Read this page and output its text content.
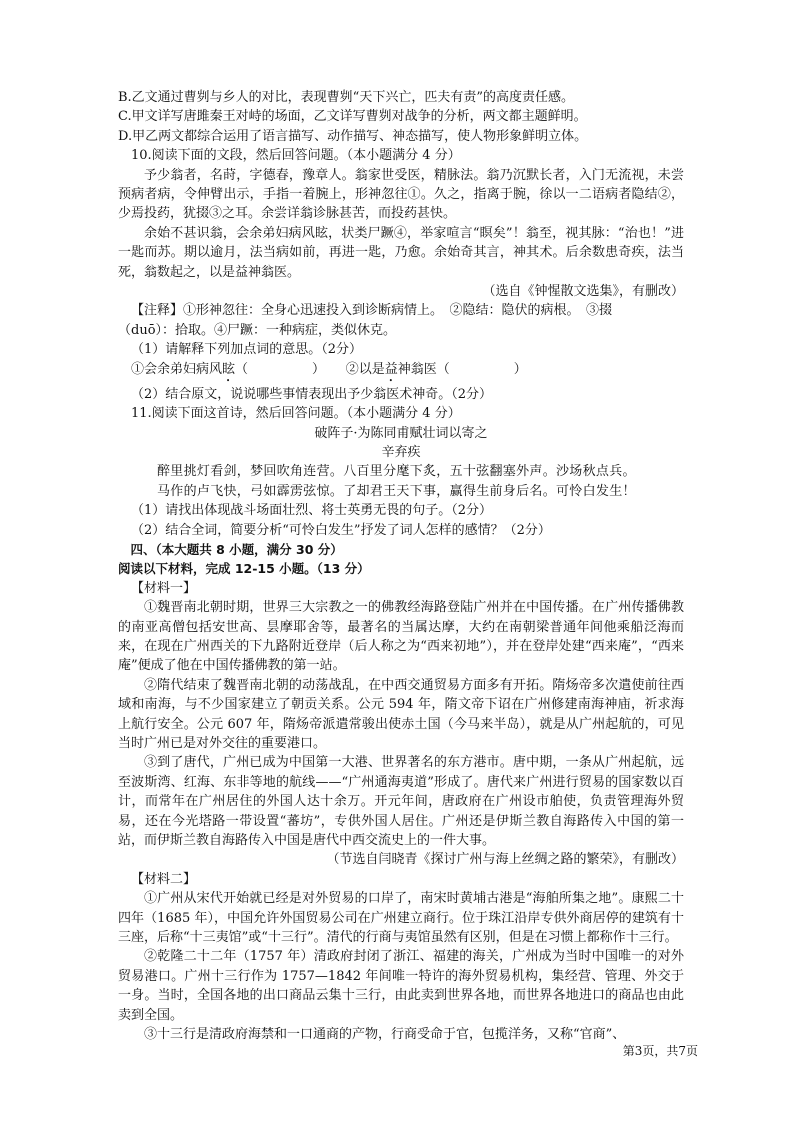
B.乙文通过曹刿与乡人的对比，表现曹刿“天下兴亡，匹夫有责”的高度责任感。

C.甲文详写唐雎秦王对峙的场面，乙文详写曹刿对战争的分析，两文都主题鲜明。

D.甲乙两文都综合运用了语言描写、动作描写、神态描写，使人物形象鲜明立体。

10.阅读下面的文段，然后回答问题。（本小题满分 4 分）

予少翁者，名莳，字德春，豫章人。翁家世受医，精脉法。翁乃沉默长者，入门无流视，未尝预病者病，令伸臂出示，手指一着腕上，形神忽往①。久之，指离于腕，徐以一二语病者隐结②，少焉投药，犹掇③之耳。余尝详翁诊脉甚苦，而投药甚快。

余始不甚识翁，会余弟妇病风眩，状类尸蹶④，举家喧言“瞑矣”！翁至，视其脉：“治也！”进一匙而苏。期以逾月，法当病如前，再进一匙，乃愈。余始奇其言，神其术。后余数患奇疾，法当死，翁数起之，以是益神翁医。

（选自《钟惺散文选集》，有删改）

【注释】①形神忽往：全身心迅速投入到诊断病情上。　②隐结：隐伏的病根。　③掇

（duō）：拾取。④尸蹶：一种病症，类似休克。

（1）请解释下列加点词的意思。（2分）

①会余弟妇病风眩（	） ②以是益神翁医（	）

（2）结合原文，说说哪些事情表现出予少翁医术神奇。（2分）

11.阅读下面这首诗，然后回答问题。（本小题满分 4 分）

破阵子·为陈同甫赋壮词以寄之

辛弃疾

醉里挑灯看剑，梦回吹角连营。八百里分麾下炙，五十弦翻塞外声。沙场秋点兵。

马作的卢飞快，弓如霹雳弦惊。了却君王天下事，赢得生前身后名。可怜白发生！

（1）请找出体现战斗场面壮烈、将士英勇无畏的句子。（2分）

（2）结合全词，简要分析“可怜白发生”抒发了词人怎样的感情？（2分）

四、（本大题共 8 小题，满分 30 分）

阅读以下材料，完成 12-15 小题。（13 分）

【材料一】

①魏晋南北朝时期，世界三大宗教之一的佛教经海路登陆广州并在中国传播。在广州传播佛教的南亚高僧包括安世高、昙摩耶舍等，最著名的当属达摩，大约在南朝梁普通年间他乘船泛海而来，在现在广州西关的下九路附近登岸（后人称之为“西来初地”），并在登岸处建“西来庵”，“西来庵”便成了他在中国传播佛教的第一站。

②隋代结束了魏晋南北朝的动荡战乱，在中西交通贸易方面多有开拓。隋炀帝多次遣使前往西域和南海，与不少国家建立了朝贡关系。公元 594 年，隋文帝下诏在广州修建南海神庙，祈求海上航行安全。公元 607 年，隋炀帝派遣常骏出使赤土国（今马来半岛），就是从广州起航的，可见当时广州已是对外交往的重要港口。

③到了唐代，广州已成为中国第一大港、世界著名的东方港市。唐中期，一条从广州起航，远至波斯湾、红海、东非等地的航线——“广州通海夷道”形成了。唐代来广州进行贸易的国家数以百计，而常年在广州居住的外国人达十余万。开元年间，唐政府在广州设市舶使，负责管理海外贸易，还在今光塔路一带设置“蕃坊”，专供外国人居住。广州还是伊斯兰教自海路传入中国的第一站，而伊斯兰教自海路传入中国是唐代中西交流史上的一件大事。

（节选自闫晓青《探讨广州与海上丝绸之路的繁荣》，有删改）

【材料二】

①广州从宋代开始就已经是对外贸易的口岸了，南宋时黄埔古港是“海舶所集之地”。康熙二十四年（1685 年），中国允许外国贸易公司在广州建立商行。位于珠江沿岸专供外商居停的建筑有十三座，后称“十三夷馆”或“十三行”。清代的行商与夷馆虽然有区别，但是在习惯上都称作十三行。

②乾隆二十二年（1757 年）清政府封闭了浙江、福建的海关，广州成为当时中国唯一的对外贸易港口。广州十三行作为 1757—1842 年间唯一特许的海外贸易机构，集经营、管理、外交于一身。当时，全国各地的出口商品云集十三行，由此卖到世界各地，而世界各地进口的商品也由此卖到全国。

③十三行是清政府海禁和一口通商的产物，行商受命于官，包揽洋务，又称“官商”、

第3页，共7页
